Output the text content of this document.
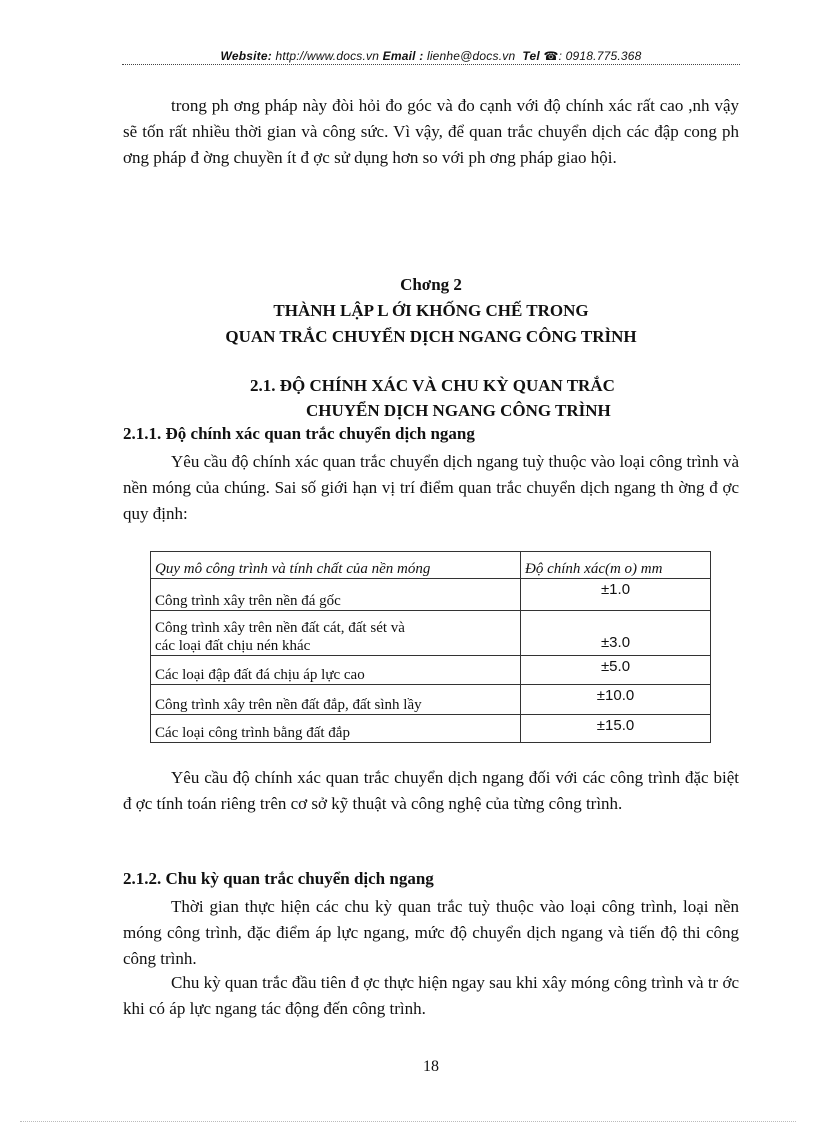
Website: http://www.docs.vn Email : lienhe@docs.vn Tel ☎: 0918.775.368
trong ph ơng pháp này đòi hỏi đo góc và đo cạnh với độ chính xác rất cao ,nh vậy sẽ tốn rất nhiều thời gian và công sức. Vì vậy, để quan trắc chuyển dịch các đập cong ph ơng pháp đ ờng chuyền ít đ ợc sử dụng hơn so với ph ơng pháp giao hội.
Chơng 2
THÀNH LẬP L ỚI KHỐNG CHẾ TRONG
QUAN TRẮC CHUYỂN DỊCH NGANG CÔNG TRÌNH
2.1. ĐỘ CHÍNH XÁC VÀ CHU KỲ QUAN TRẮC
CHUYỂN DỊCH NGANG CÔNG TRÌNH
2.1.1. Độ chính xác quan trắc chuyển dịch ngang
Yêu cầu độ chính xác quan trắc chuyển dịch ngang tuỳ thuộc vào loại công trình và nền móng của chúng. Sai số giới hạn vị trí điểm quan trắc chuyển dịch ngang th ờng đ ợc quy định:
Quy mô công trình và tính chất của nền móng	Độ chính xác(m o) mm
Công trình xây trên nền đá gốc	±1.0

Công trình xây trên nền đất cát, đất sét và
các loại đất chịu nén khác	±3.0
Các loại đập đất đá chịu áp lực cao	±5.0
Công trình xây trên nền đất đắp, đất sình lầy	±10.0
Các loại công trình bằng đất đắp	±15.0
Yêu cầu độ chính xác quan trắc chuyển dịch ngang đối với các công trình đặc biệt đ ợc tính toán riêng trên cơ sở kỹ thuật và công nghệ của từng công trình.
2.1.2. Chu kỳ quan trắc chuyển dịch ngang
Thời gian thực hiện các chu kỳ quan trắc tuỳ thuộc vào loại công trình, loại nền móng công trình, đặc điểm áp lực ngang, mức độ chuyển dịch ngang và tiến độ thi công công trình.
Chu kỳ quan trắc đầu tiên đ ợc thực hiện ngay sau khi xây móng công trình và tr ớc khi có áp lực ngang tác động đến công trình.
18
